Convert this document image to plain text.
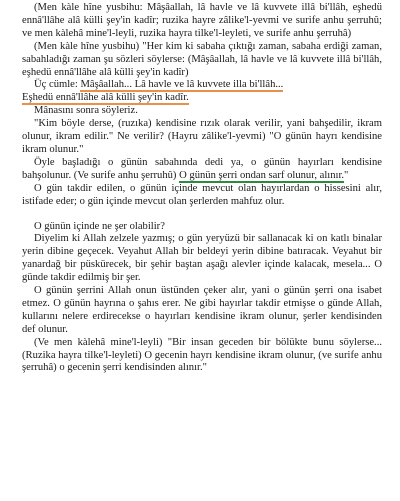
(Men kàle hîne yusbihu: Mâşâallah, lâ havle ve lâ kuvvete illâ bi'llâh, eşhedü ennâ'llâhe alâ külli şey'in kadîr; ruzika hayre zâlike'l-yevmi ve surife anhu şerruhû; ve men kàlehâ mine'l-leyli, ruzika hayra tilke'l-leyleti, ve surife anhu şerruhâ)

(Men kàle hîne yusbihu) "Her kim ki sabaha çıktığı zaman, sabaha erdiği zaman, sabahladığı zaman şu sözleri söylerse: (Mâşâallah, lâ havle ve lâ kuvvete illâ bi'llâh, eşhedü ennâ'llâhe alâ külli şey'in kadîr)

Üç cümle: Mâşâallah... Lâ havle ve lâ kuvvete illa bi'llâh...
Eşhedü ennâ'llâhe alâ külli şey'in kadîr.

Mânasını sonra söyleriz.

"Kim böyle derse, (ruzıka) kendisine rızık olarak verilir, yani bahşedilir, ikram olunur, ikram edilir." Ne verilir? (Hayru zâlike'l-yevmi) "O günün hayrı kendisine ikram olunur."

Öyle başladığı o günün sabahında dedi ya, o günün hayırları kendisine bahşolunur. (Ve surife anhu şerruhû) O günün şerri ondan sarf olunur, alınır."

O gün takdir edilen, o günün içinde mevcut olan hayırlardan o hissesini alır, istifade eder; o gün içinde mevcut olan şerlerden mahfuz olur.

O günün içinde ne şer olabilir?

Diyelim ki Allah zelzele yazmış; o gün yeryüzü bir sallanacak ki on katlı binalar yerin dibine geçecek. Veyahut Allah bir beldeyi yerin dibine batıracak. Veyahut bir yanardağ bir püskürecek, bir şehir baştan aşağı alevler içinde kalacak, mesela... O günde takdir edilmiş bir şer.

O günün şerrini Allah onun üstünden çeker alır, yani o günün şerri ona isabet etmez. O günün hayrına o şahıs erer. Ne gibi hayırlar takdir etmişse o günde Allah, kullarını nelere erdirecekse o hayırları kendisine ikram olunur, şerler kendisinden def olunur.

(Ve men kàlehâ mine'l-leyli) "Bir insan geceden bir bölükte bunu söylerse... (Ruzika hayra tilke'l-leyleti) O gecenin hayrı kendisine ikram olunur, (ve surife anhu şerruhâ) o gecenin şerri kendisinden alınır."
